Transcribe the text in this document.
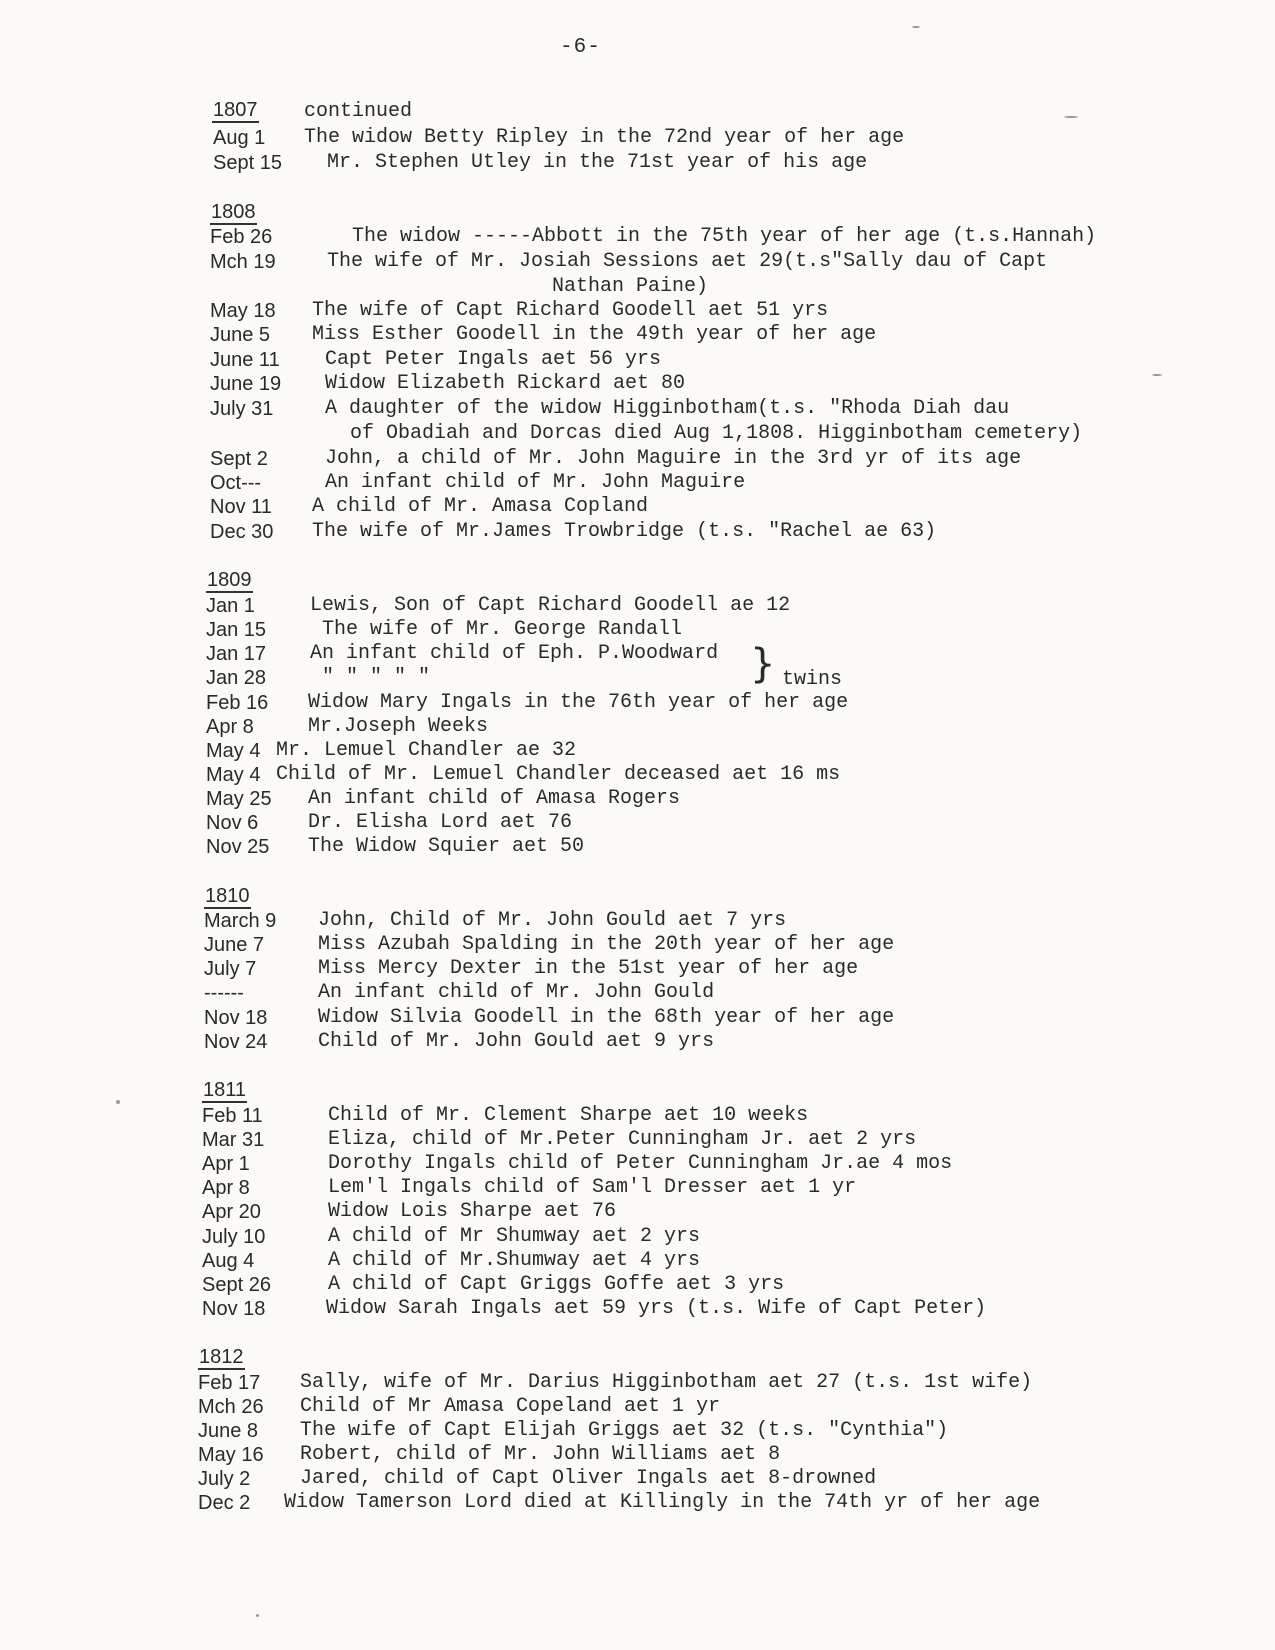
-6-
1807 continued
Aug 1 The widow Betty Ripley in the 72nd year of her age
Sept 15 Mr. Stephen Utley in the 71st year of his age
1808
Feb 26	The widow -----Abbott in the 75th year of her age (t.s.Hannah)
Mch 19	The wife of Mr. Josiah Sessions aet 29(t.s"Sally dau of Capt
Nathan Paine)
May 18 The wife of Capt Richard Goodell aet 51 yrs
June 5 Miss Esther Goodell in the 49th year of her age
June 11 Capt Peter Ingals aet 56 yrs
June 19 Widow Elizabeth Rickard aet 80
July 31	A daughter of the widow Higginbotham(t.s. "Rhoda Diah dau
of Obadiah and Dorcas died Aug 1,1808. Higginbotham cemetery)
Sept 2	John, a child of Mr. John Maguire in the 3rd yr of its age
Oct---	An infant child of Mr. John Maguire
Nov 11 A child of Mr. Amasa Copland
Dec 30 The wife of Mr.James Trowbridge (t.s. "Rachel ae 63)
1809
Jan 1	Lewis, Son of Capt Richard Goodell ae 12
Jan 15	The wife of Mr. George Randall
Jan 17 An infant child of Eph. P.Woodward
Jan 28	" " " " "	} twins
Feb 16 Widow Mary Ingals in the 76th year of her age
Apr 8	Mr.Joseph Weeks
May 4 Mr. Lemuel Chandler ae 32
May 4 Child of Mr. Lemuel Chandler deceased aet 16 ms
May 25 An infant child of Amasa Rogers
Nov 6 Dr. Elisha Lord aet 76
Nov 25 The Widow Squier aet 50
1810
March 9 John, Child of Mr. John Gould aet 7 yrs
June 7	Miss Azubah Spalding in the 20th year of her age
July 7	Miss Mercy Dexter in the 51st year of her age
------	An infant child of Mr. John Gould
Nov 18	Widow Silvia Goodell in the 68th year of her age
Nov 24	Child of Mr. John Gould aet 9 yrs
1811
Feb 11	Child of Mr. Clement Sharpe aet 10 weeks
Mar 31	Eliza, child of Mr.Peter Cunningham Jr. aet 2 yrs
Apr 1	Dorothy Ingals child of Peter Cunningham Jr.ae 4 mos
Apr 8	Lem'l Ingals child of Sam'l Dresser aet 1 yr
Apr 20	Widow Lois Sharpe aet 76
July 10	A child of Mr Shumway aet 2 yrs
Aug 4	A child of Mr.Shumway aet 4 yrs
Sept 26	A child of Capt Griggs Goffe aet 3 yrs
Nov 18	Widow Sarah Ingals aet 59 yrs (t.s. Wife of Capt Peter)
1812
Feb 17 Sally, wife of Mr. Darius Higginbotham aet 27 (t.s. 1st wife)
Mch 26 Child of Mr Amasa Copeland aet 1 yr
June 8 The wife of Capt Elijah Griggs aet 32 (t.s. "Cynthia")
May 16 Robert, child of Mr. John Williams aet 8
July 2 Jared, child of Capt Oliver Ingals aet 8-drowned
Dec 2 Widow Tamerson Lord died at Killingly in the 74th yr of her age
